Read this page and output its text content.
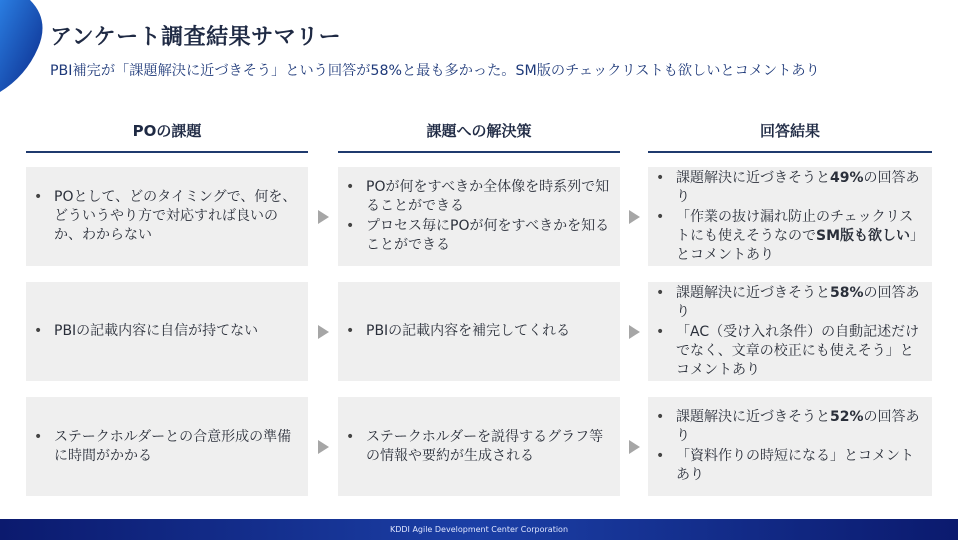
アンケート調査結果サマリー
PBI補完が「課題解決に近づきそう」という回答が58%と最も多かった。SM版のチェックリストも欲しいとコメントあり
POの課題	課題への解決策	回答結果
• POとして、どのタイミングで、何を、どういうやり方で対応すれば良いのか、わからない
• POが何をすべきか全体像を時系列で知ることができる
• プロセス毎にPOが何をすべきかを知ることができる
• 課題解決に近づきそうと49%の回答あり
• 「作業の抜け漏れ防止のチェックリストにも使えそうなのでSM版も欲しい」とコメントあり
• PBIの記載内容に自信が持てない
•	PBIの記載内容を補完してくれる
• 課題解決に近づきそうと58%の回答あり
• 「AC（受け入れ条件）の自動記述だけでなく、文章の校正にも使えそう」とコメントあり
• ステークホルダーとの合意形成の準備に時間がかかる
• ステークホルダーを説得するグラフ等の情報や要約が生成される
• 課題解決に近づきそうと52%の回答あり
• 「資料作りの時短になる」とコメントあり
KDDI Agile Development Center Corporation
